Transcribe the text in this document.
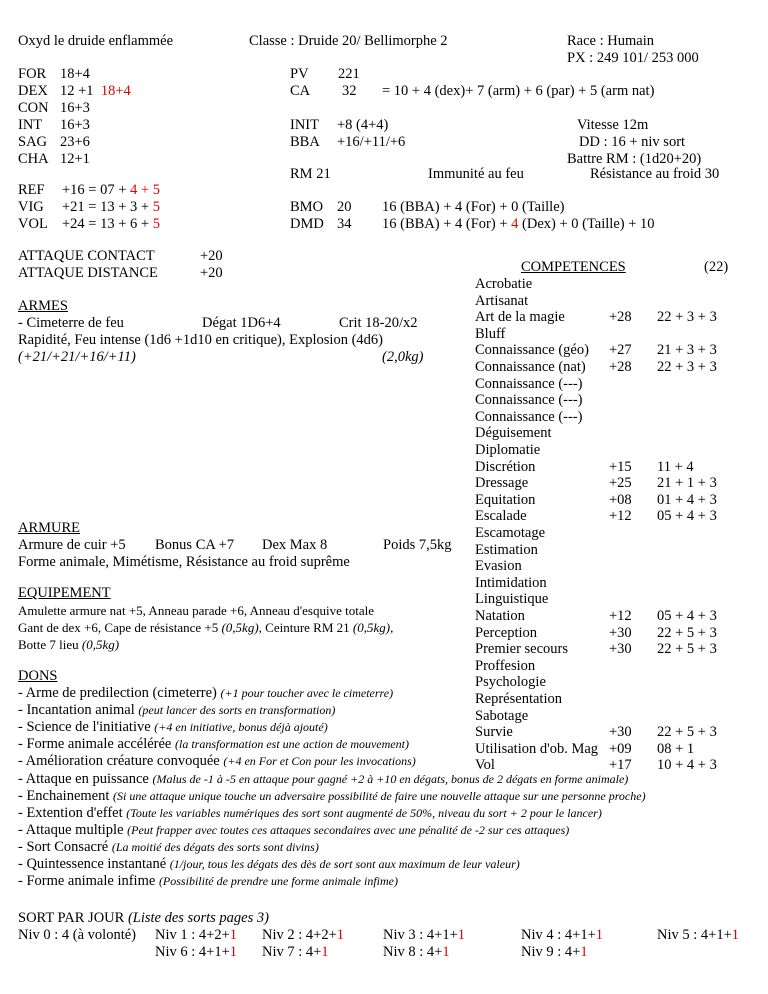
Oxyd le druide enflammée	Classe : Druide 20/ Bellimorphe 2	Race : Humain
PX : 249 101/ 253 000
FOR 18+4
DEX 12 +1 18+4
CON 16+3
INT 16+3
SAG 23+6
CHA 12+1
PV 221
CA 32 = 10 + 4 (dex)+ 7 (arm) + 6 (par) + 5 (arm nat)
INIT +8 (4+4)
BBA +16/+11/+6
Vitesse 12m
DD : 16 + niv sort
Battre RM : (1d20+20)
RM 21	Immunité au feu	Résistance au froid 30
REF +16 = 07 + 4 + 5
VIG +21 = 13 + 3 + 5
VOL +24 = 13 + 6 + 5
BMO 20 16 (BBA) + 4 (For) + 0 (Taille)
DMD 34 16 (BBA) + 4 (For) + 4 (Dex) + 0 (Taille) + 10
ATTAQUE CONTACT	+20
ATTAQUE DISTANCE	+20
ARMES
- Cimeterre de feu	Dégat 1D6+4	Crit 18-20/x2
Rapidité, Feu intense (1d6 +1d10 en critique), Explosion (4d6)
(+21/+21/+16/+11)	(2,0kg)
ARMURE
Armure de cuir +5 Bonus CA +7 Dex Max 8	Poids 7,5kg
Forme animale, Mimétisme, Résistance au froid suprême
EQUIPEMENT
Amulette armure nat +5, Anneau parade +6, Anneau d'esquive totale
Gant de dex +6, Cape de résistance +5 (0,5kg), Ceinture RM 21 (0,5kg),
Botte 7 lieu (0,5kg)
COMPETENCES	(22)
Acrobatie
Artisanat
Art de la magie	+28 22 + 3 + 3
Bluff
Connaissance (géo) +27 21 + 3 + 3
Connaissance (nat) +28 22 + 3 + 3
Connaissance (---)
Connaissance (---)
Connaissance (---)
Déguisement
Diplomatie
Discrétion	+15 11 + 4
Dressage	+25 21 + 1 + 3
Equitation	+08 01 + 4 + 3
Escalade	+12 05 + 4 + 3
Escamotage
Estimation
Evasion
Intimidation
Linguistique
Natation	+12 05 + 4 + 3
Perception	+30 22 + 5 + 3
Premier secours	+30 22 + 5 + 3
Proffesion
Psychologie
Représentation
Sabotage
Survie	+30 22 + 5 + 3
Utilisation d'ob. Mag +09 08 + 1
Vol	+17 10 + 4 + 3
DONS
- Arme de predilection (cimeterre) (+1 pour toucher avec le cimeterre)
- Incantation animal (peut lancer des sorts en transformation)
- Science de l'initiative (+4 en initiative, bonus déjà ajouté)
- Forme animale accélérée (la transformation est une action de mouvement)
- Amélioration créature convoquée (+4 en For et Con pour les invocations)
- Attaque en puissance (Malus de -1 à -5 en attaque pour gagné +2 à +10 en dégats, bonus de 2 dégats en forme animale)
- Enchainement (Si une attaque unique touche un adversaire possibilité de faire une nouvelle attaque sur une personne proche)
- Extention d'effet (Toute les variables numériques des sort sont augmenté de 50%, niveau du sort + 2 pour le lancer)
- Attaque multiple (Peut frapper avec toutes ces attaques secondaires avec une pénalité de -2 sur ces attaques)
- Sort Consacré (La moitié des dégats des sorts sont divins)
- Quintessence instantané (1/jour, tous les dégats des dès de sort sont aux maximum de leur valeur)
- Forme animale infime (Possibilité de prendre une forme animale infime)
SORT PAR JOUR (Liste des sorts pages 3)
Niv 0 : 4 (à volonté) Niv 1 : 4+2+1 Niv 2 : 4+2+1	Niv 3 : 4+1+1	Niv 4 : 4+1+1	Niv 5 : 4+1+1
Niv 6 : 4+1+1 Niv 7 : 4+1	Niv 8 : 4+1	Niv 9 : 4+1
